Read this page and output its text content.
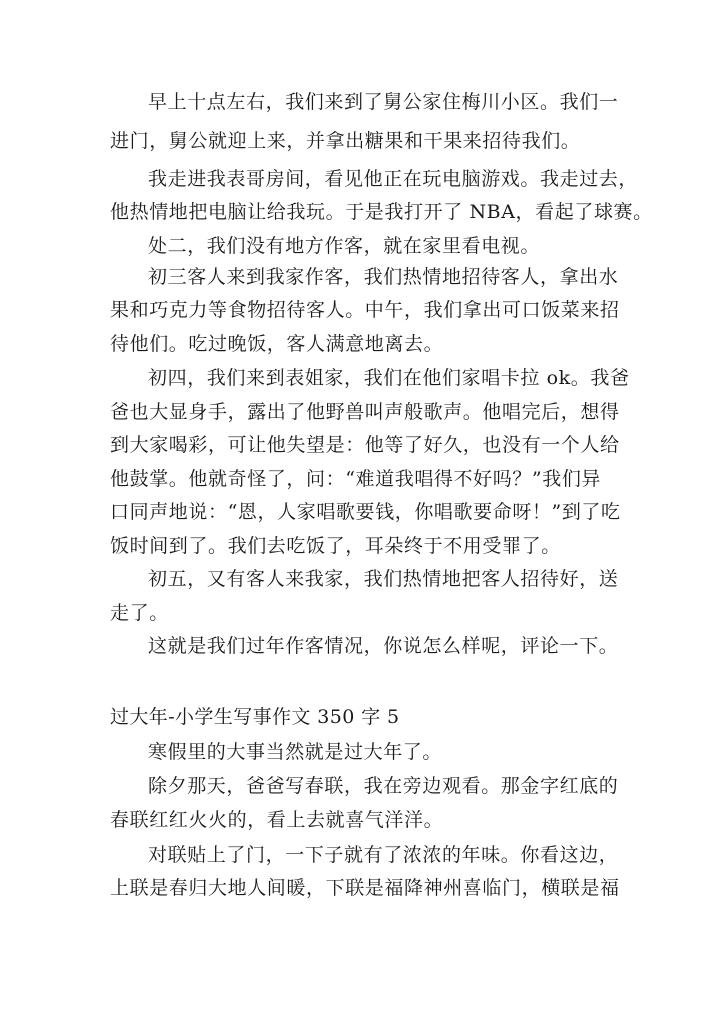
早上十点左右，我们来到了舅公家住梅川小区。我们一
进门，舅公就迎上来，并拿出糖果和干果来招待我们。
我走进我表哥房间，看见他正在玩电脑游戏。我走过去，
他热情地把电脑让给我玩。于是我打开了 NBA，看起了球赛。
处二，我们没有地方作客，就在家里看电视。
初三客人来到我家作客，我们热情地招待客人，拿出水
果和巧克力等食物招待客人。中午，我们拿出可口饭菜来招
待他们。吃过晚饭，客人满意地离去。
初四，我们来到表姐家，我们在他们家唱卡拉 ok。我爸
爸也大显身手，露出了他野兽叫声般歌声。他唱完后，想得
到大家喝彩，可让他失望是：他等了好久，也没有一个人给
他鼓掌。他就奇怪了，问：“难道我唱得不好吗？”我们异
口同声地说：“恩，人家唱歌要钱，你唱歌要命呀！”到了吃
饭时间到了。我们去吃饭了，耳朵终于不用受罪了。
初五，又有客人来我家，我们热情地把客人招待好，送
走了。
这就是我们过年作客情况，你说怎么样呢，评论一下。
过大年-小学生写事作文 350 字 5
寒假里的大事当然就是过大年了。
除夕那天，爸爸写春联，我在旁边观看。那金字红底的
春联红红火火的，看上去就喜气洋洋。
对联贴上了门，一下子就有了浓浓的年味。你看这边，
上联是春归大地人间暖，下联是福降神州喜临门，横联是福
